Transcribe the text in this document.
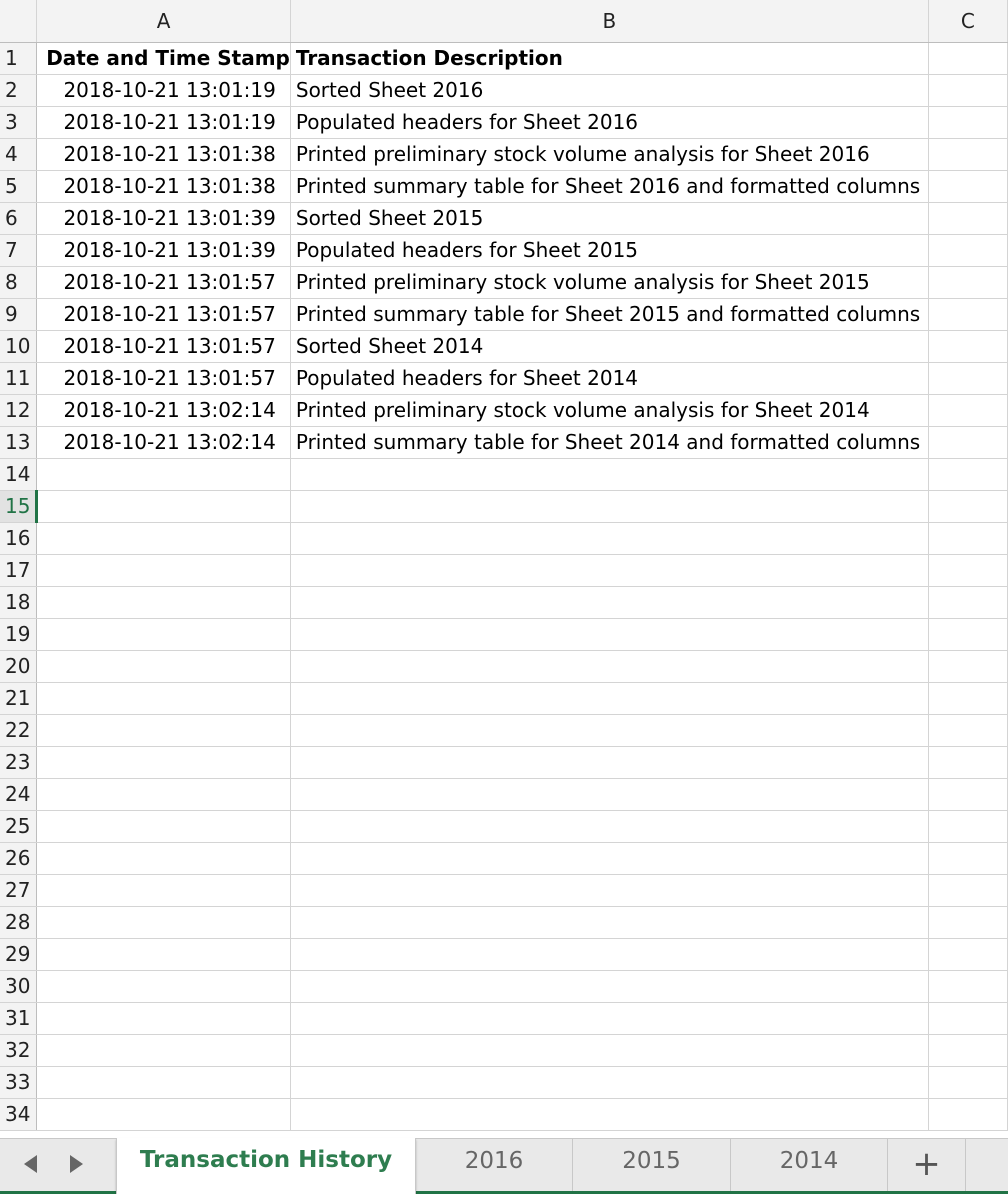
	A	B	C
1	Date and Time Stamp	Transaction Description	
2	2018-10-21 13:01:19	Sorted Sheet 2016	
3	2018-10-21 13:01:19	Populated headers for Sheet 2016	
4	2018-10-21 13:01:38	Printed preliminary stock volume analysis for Sheet 2016	
5	2018-10-21 13:01:38	Printed summary table for Sheet 2016 and formatted columns	
6	2018-10-21 13:01:39	Sorted Sheet 2015	
7	2018-10-21 13:01:39	Populated headers for Sheet 2015	
8	2018-10-21 13:01:57	Printed preliminary stock volume analysis for Sheet 2015	
9	2018-10-21 13:01:57	Printed summary table for Sheet 2015 and formatted columns	
10	2018-10-21 13:01:57	Sorted Sheet 2014	
11	2018-10-21 13:01:57	Populated headers for Sheet 2014	
12	2018-10-21 13:02:14	Printed preliminary stock volume analysis for Sheet 2014	
13	2018-10-21 13:02:14	Printed summary table for Sheet 2014 and formatted columns	
14			
15			
16			
17			
18			
19			
20			
21			
22			
23			
24			
25			
26			
27			
28			
29			
30			
31			
32			
33			
34			
Transaction History	2016	2015	2014	+
